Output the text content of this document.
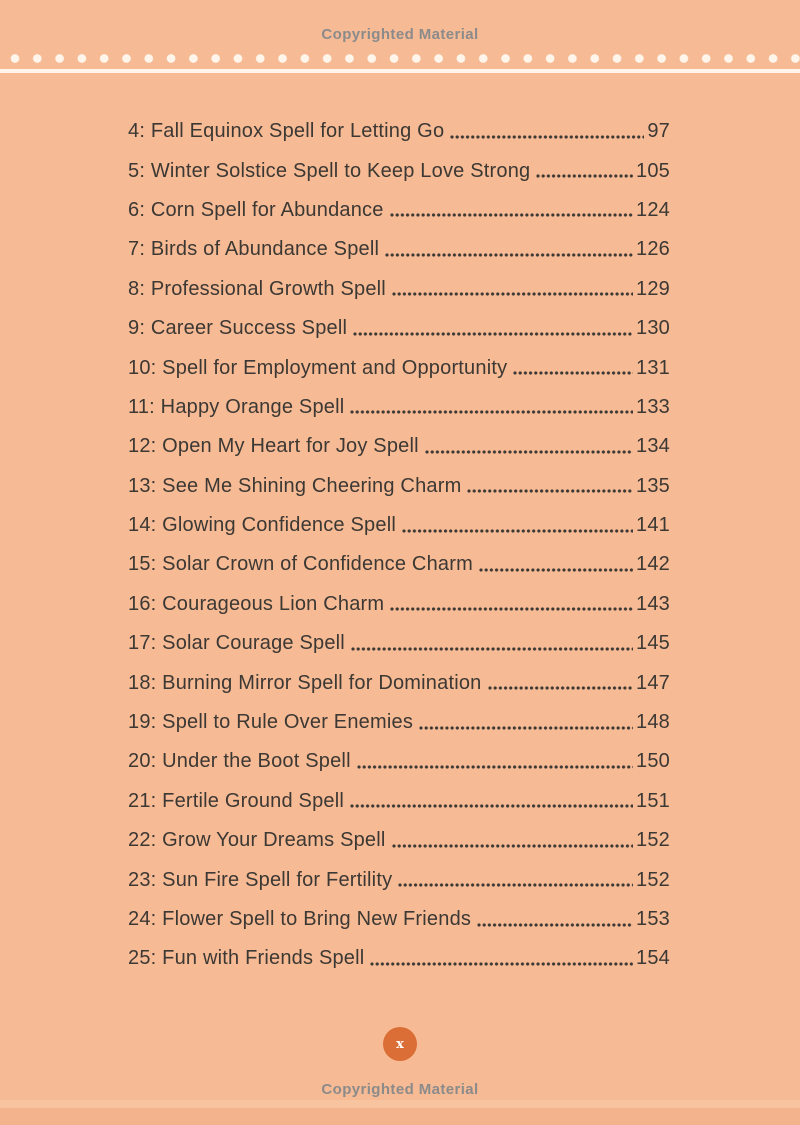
Copyrighted Material
4: Fall Equinox Spell for Letting Go	97
5: Winter Solstice Spell to Keep Love Strong	105
6: Corn Spell for Abundance	124
7: Birds of Abundance Spell	126
8: Professional Growth Spell	129
9: Career Success Spell	130
10: Spell for Employment and Opportunity	131
11: Happy Orange Spell	133
12: Open My Heart for Joy Spell	134
13: See Me Shining Cheering Charm	135
14: Glowing Confidence Spell	141
15: Solar Crown of Confidence Charm	142
16: Courageous Lion Charm	143
17: Solar Courage Spell	145
18: Burning Mirror Spell for Domination	147
19: Spell to Rule Over Enemies	148
20: Under the Boot Spell	150
21: Fertile Ground Spell	151
22: Grow Your Dreams Spell	152
23: Sun Fire Spell for Fertility	152
24: Flower Spell to Bring New Friends	153
25: Fun with Friends Spell	154
x
Copyrighted Material
